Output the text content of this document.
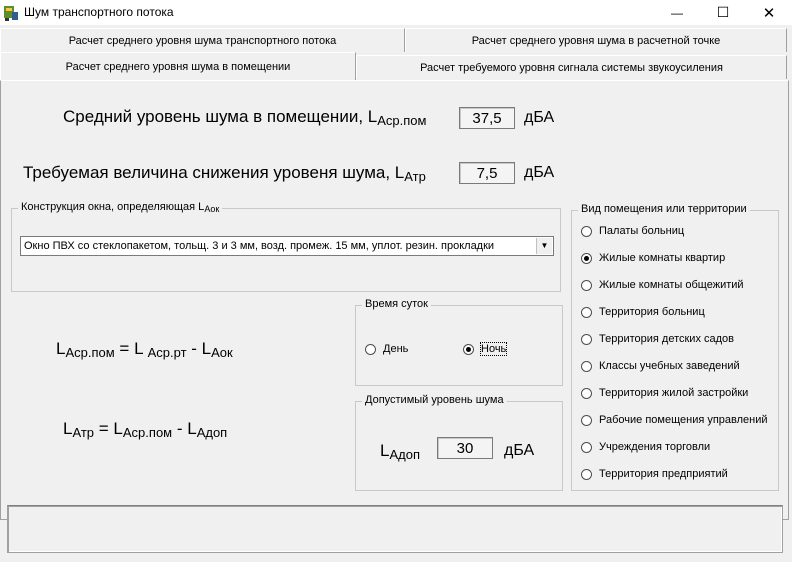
Шум транспортного потока	— ☐ ✕
Расчет среднего уровня шума транспортного потока	Расчет среднего уровня шума в расчетной точке
Расчет среднего уровня шума в помещении	Расчет требуемого уровня сигнала системы звукоусиления
Средний уровень шума в помещении, $L_{Аср.пом}$	37,5	дБА
Требуемая величина снижения уровеня шума, $L_{Атр}$	7,5	дБА
Конструкция окна, определяющая $L_{Аок}$
Окно ПВХ со стеклопакетом, тольщ. 3 и 3 мм, возд. промеж. 15 мм, уплот. резин. прокладки	▼
$L_{Аср.пом} = L$ $_{Аср.рт} - L_{Аок}$
$L_{Атр} = L_{Аср.пом} - L_{Адоп}$
Время суток
День	Ночь
Допустимый уровень шума
$L_{Адоп}$	30	дБА
Вид помещения или территории
Палаты больниц
Жилые комнаты квартир
Жилые комнаты общежитий
Территория больниц
Территория детских садов
Классы учебных заведений
Территория жилой застройки
Рабочие помещения управлений
Учреждения торговли
Территория предприятий
